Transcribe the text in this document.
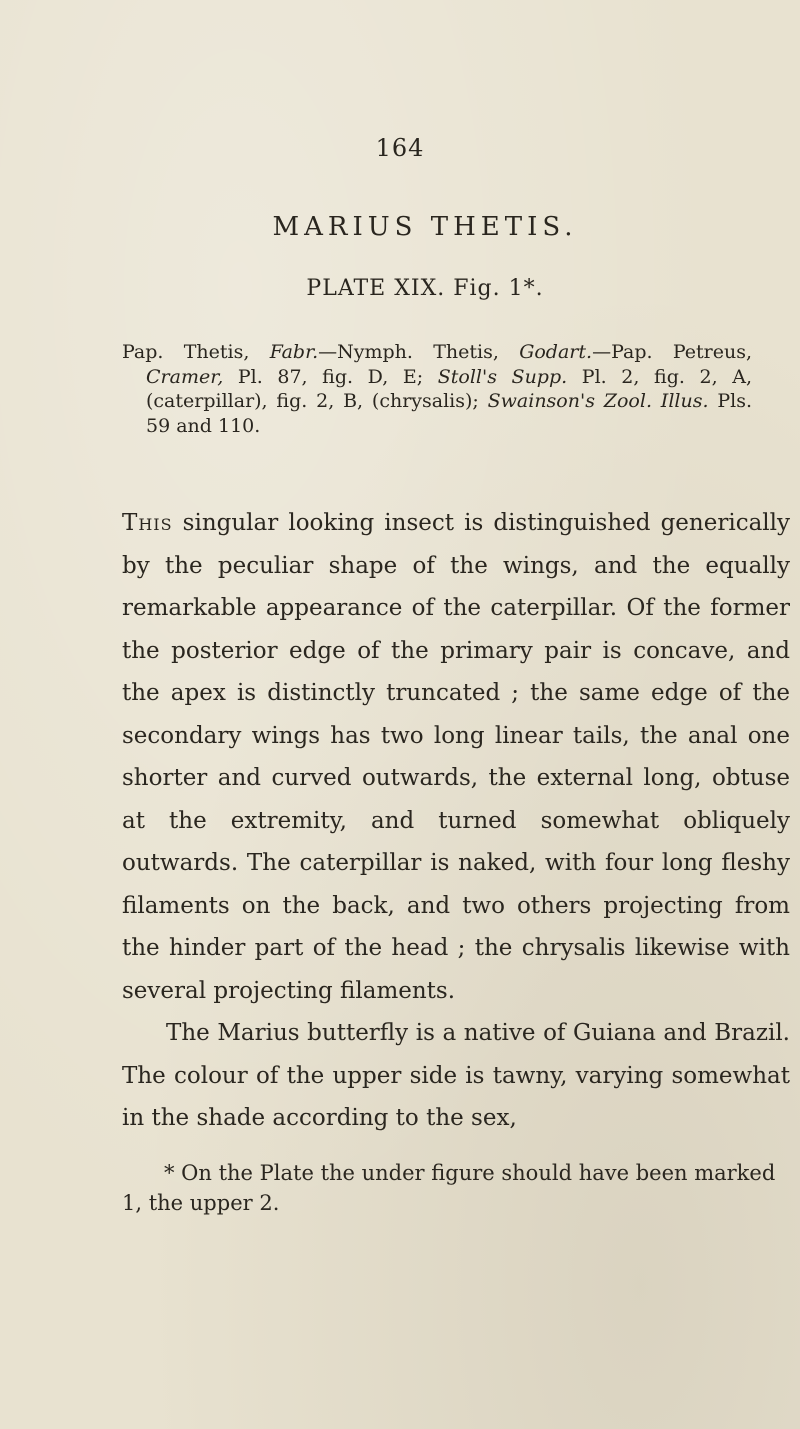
164
MARIUS THETIS.
PLATE XIX. Fig. 1*.

Pap. Thetis, Fabr.—Nymph. Thetis, Godart.—Pap. Petreus, Cramer, Pl. 87, fig. D, E; Stoll's Supp. Pl. 2, fig. 2, A, (caterpillar), fig. 2, B, (chrysalis); Swainson's Zool. Illus. Pls. 59 and 110.

This singular looking insect is distinguished generically by the peculiar shape of the wings, and the equally remarkable appearance of the caterpillar. Of the former the posterior edge of the primary pair is concave, and the apex is distinctly truncated ; the same edge of the secondary wings has two long linear tails, the anal one shorter and curved outwards, the external long, obtuse at the extremity, and turned somewhat obliquely outwards. The caterpillar is naked, with four long fleshy filaments on the back, and two others projecting from the hinder part of the head ; the chrysalis likewise with several projecting filaments.

The Marius butterfly is a native of Guiana and Brazil. The colour of the upper side is tawny, varying somewhat in the shade according to the sex,

* On the Plate the under figure should have been marked 1, the upper 2.
